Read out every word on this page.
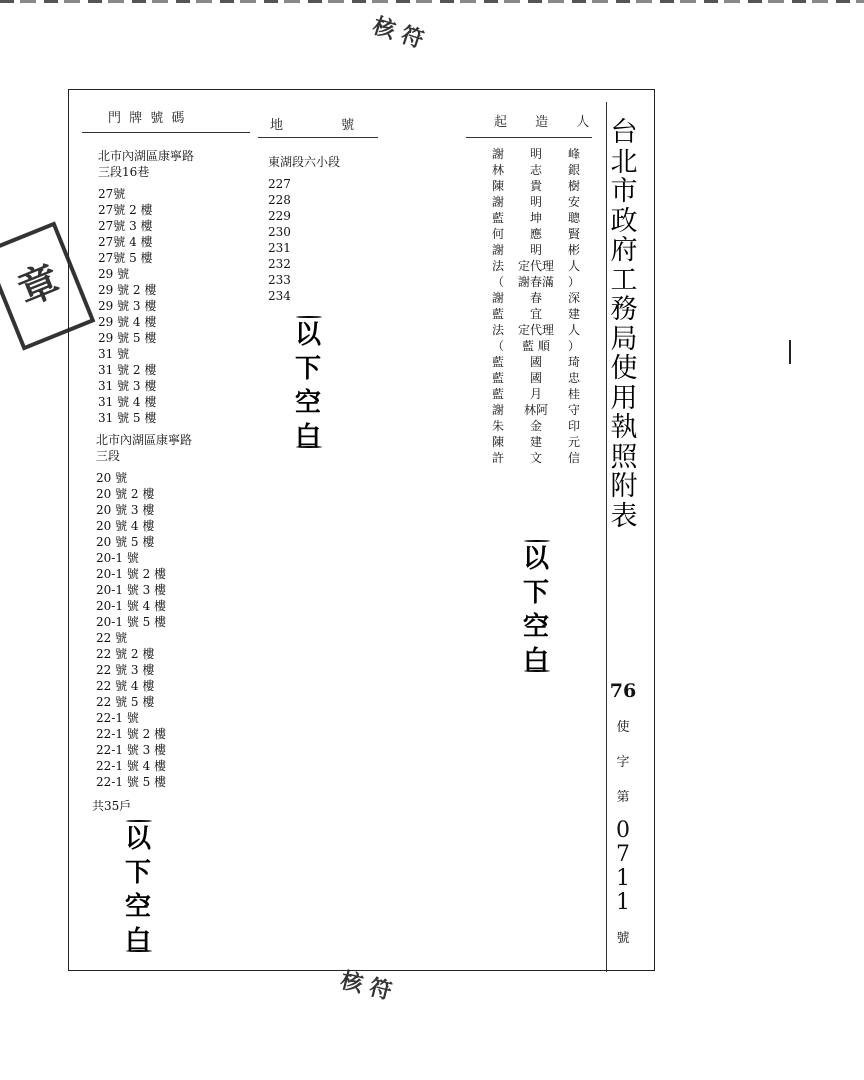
核 符
核 符
章
門 牌 號 碼	地 號	起 造 人
北市內湖區康寧路
三段16巷
27號
27號 2 樓
27號 3 樓
27號 4 樓
27號 5 樓
29 號
29 號 2 樓
29 號 3 樓
29 號 4 樓
29 號 5 樓
31 號
31 號 2 樓
31 號 3 樓
31 號 4 樓
31 號 5 樓
北市內湖區康寧路
三段
20 號
20 號 2 樓
20 號 3 樓
20 號 4 樓
20 號 5 樓
20-1 號
20-1 號 2 樓
20-1 號 3 樓
20-1 號 4 樓
20-1 號 5 樓
22 號
22 號 2 樓
22 號 3 樓
22 號 4 樓
22 號 5 樓
22-1 號
22-1 號 2 樓
22-1 號 3 樓
22-1 號 4 樓
22-1 號 5 樓
共35戶
東湖段六小段
227
228
229
230
231
232
233
234
謝 明 峰
林 志 銀
陳 貴 樹
謝 明 安
藍 坤 聰
何 應 賢
謝 明 彬
法 定代理 人
（ 謝春滿 ）
謝 春 深
藍 宜 建
法 定代理 人
（ 藍 順 ）
藍 國 琦
藍 國 忠
藍 月 桂
謝 林阿 守
朱 金 印
陳 建 元
許 文 信
台
北
市
政
府
工
務
局
使
用
執
照
附
表
76
使
字
第
0
7
1
1
號
以
下
空
白
以
下
空
白
以
下
空
白
